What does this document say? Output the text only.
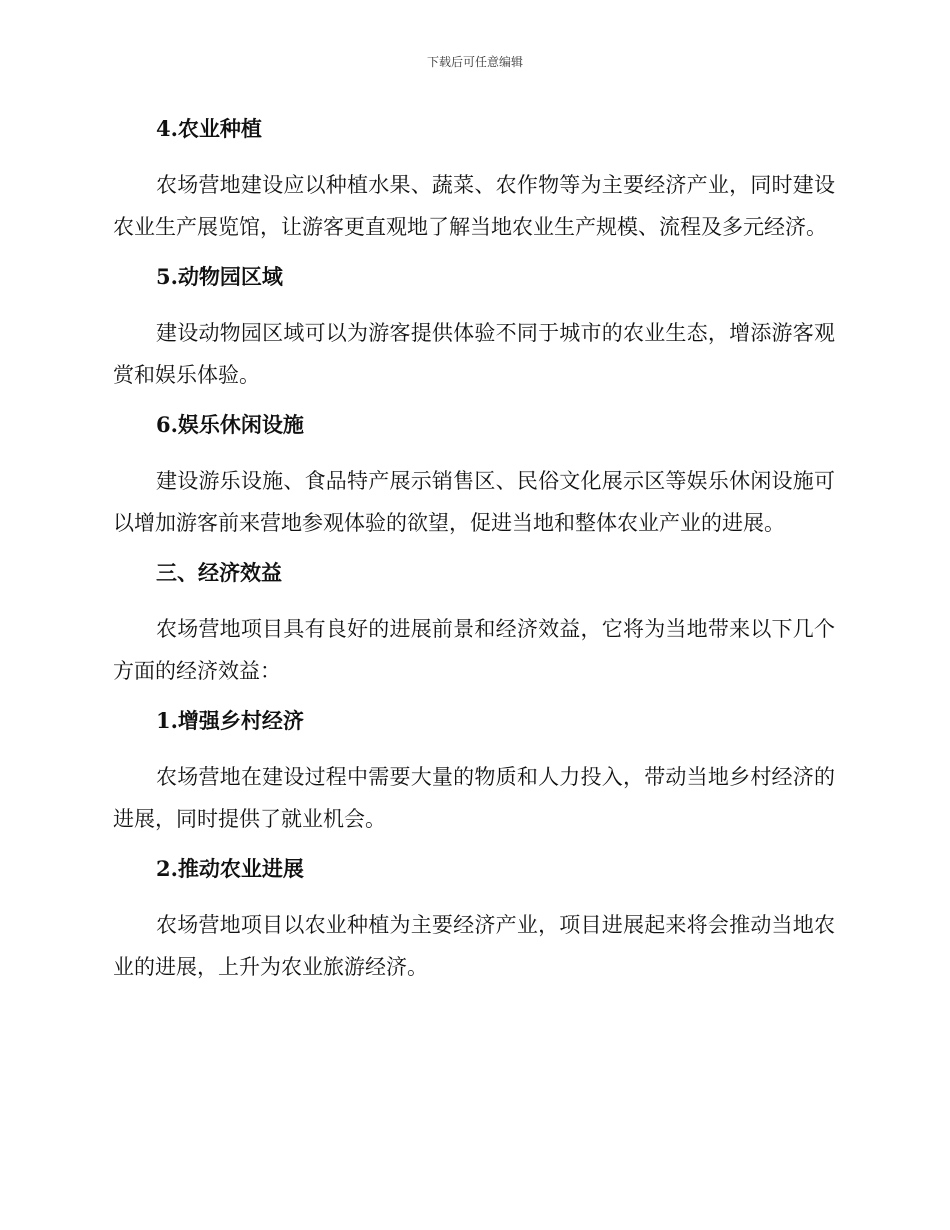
下载后可任意编辑

4.农业种植

农场营地建设应以种植水果、蔬菜、农作物等为主要经济产业，同时建设农业生产展览馆，让游客更直观地了解当地农业生产规模、流程及多元经济。

5.动物园区域

建设动物园区域可以为游客提供体验不同于城市的农业生态，增添游客观赏和娱乐体验。

6.娱乐休闲设施

建设游乐设施、食品特产展示销售区、民俗文化展示区等娱乐休闲设施可以增加游客前来营地参观体验的欲望，促进当地和整体农业产业的进展。

三、经济效益

农场营地项目具有良好的进展前景和经济效益，它将为当地带来以下几个方面的经济效益：

1.增强乡村经济

农场营地在建设过程中需要大量的物质和人力投入，带动当地乡村经济的进展，同时提供了就业机会。

2.推动农业进展

农场营地项目以农业种植为主要经济产业，项目进展起来将会推动当地农业的进展，上升为农业旅游经济。
